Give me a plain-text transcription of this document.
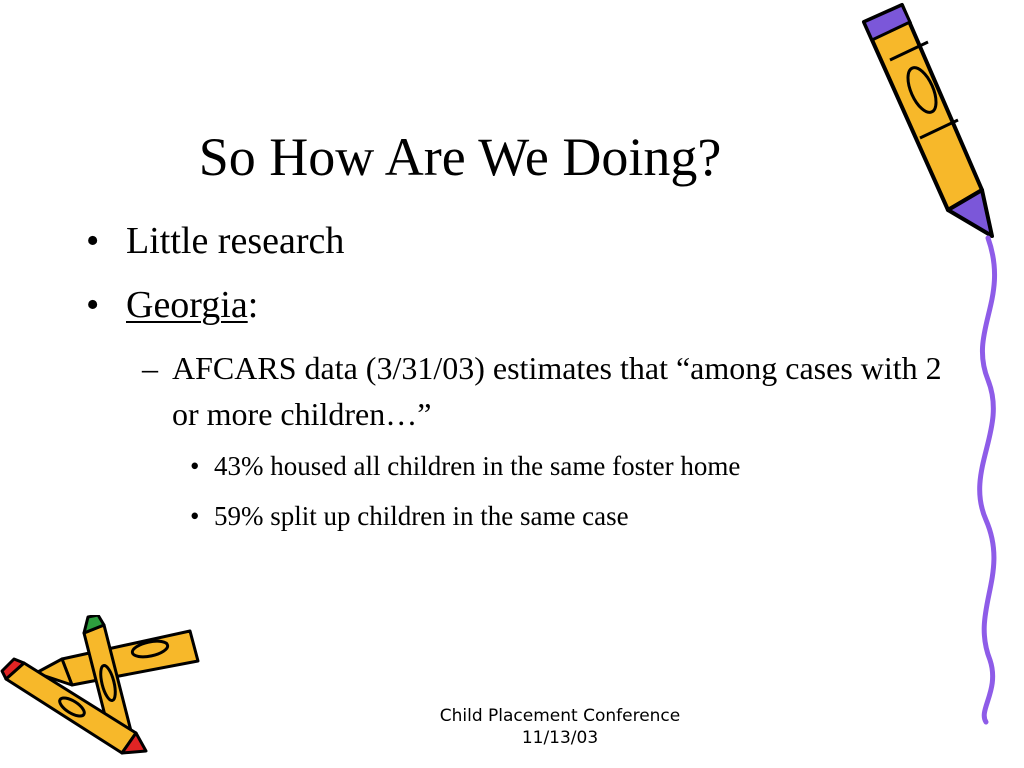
So How Are We Doing?
• Little research
• Georgia:
– AFCARS data (3/31/03) estimates that “among cases with 2 or more children…”
• 43% housed all children in the same foster home
• 59% split up children in the same case
Child Placement Conference
11/13/03
